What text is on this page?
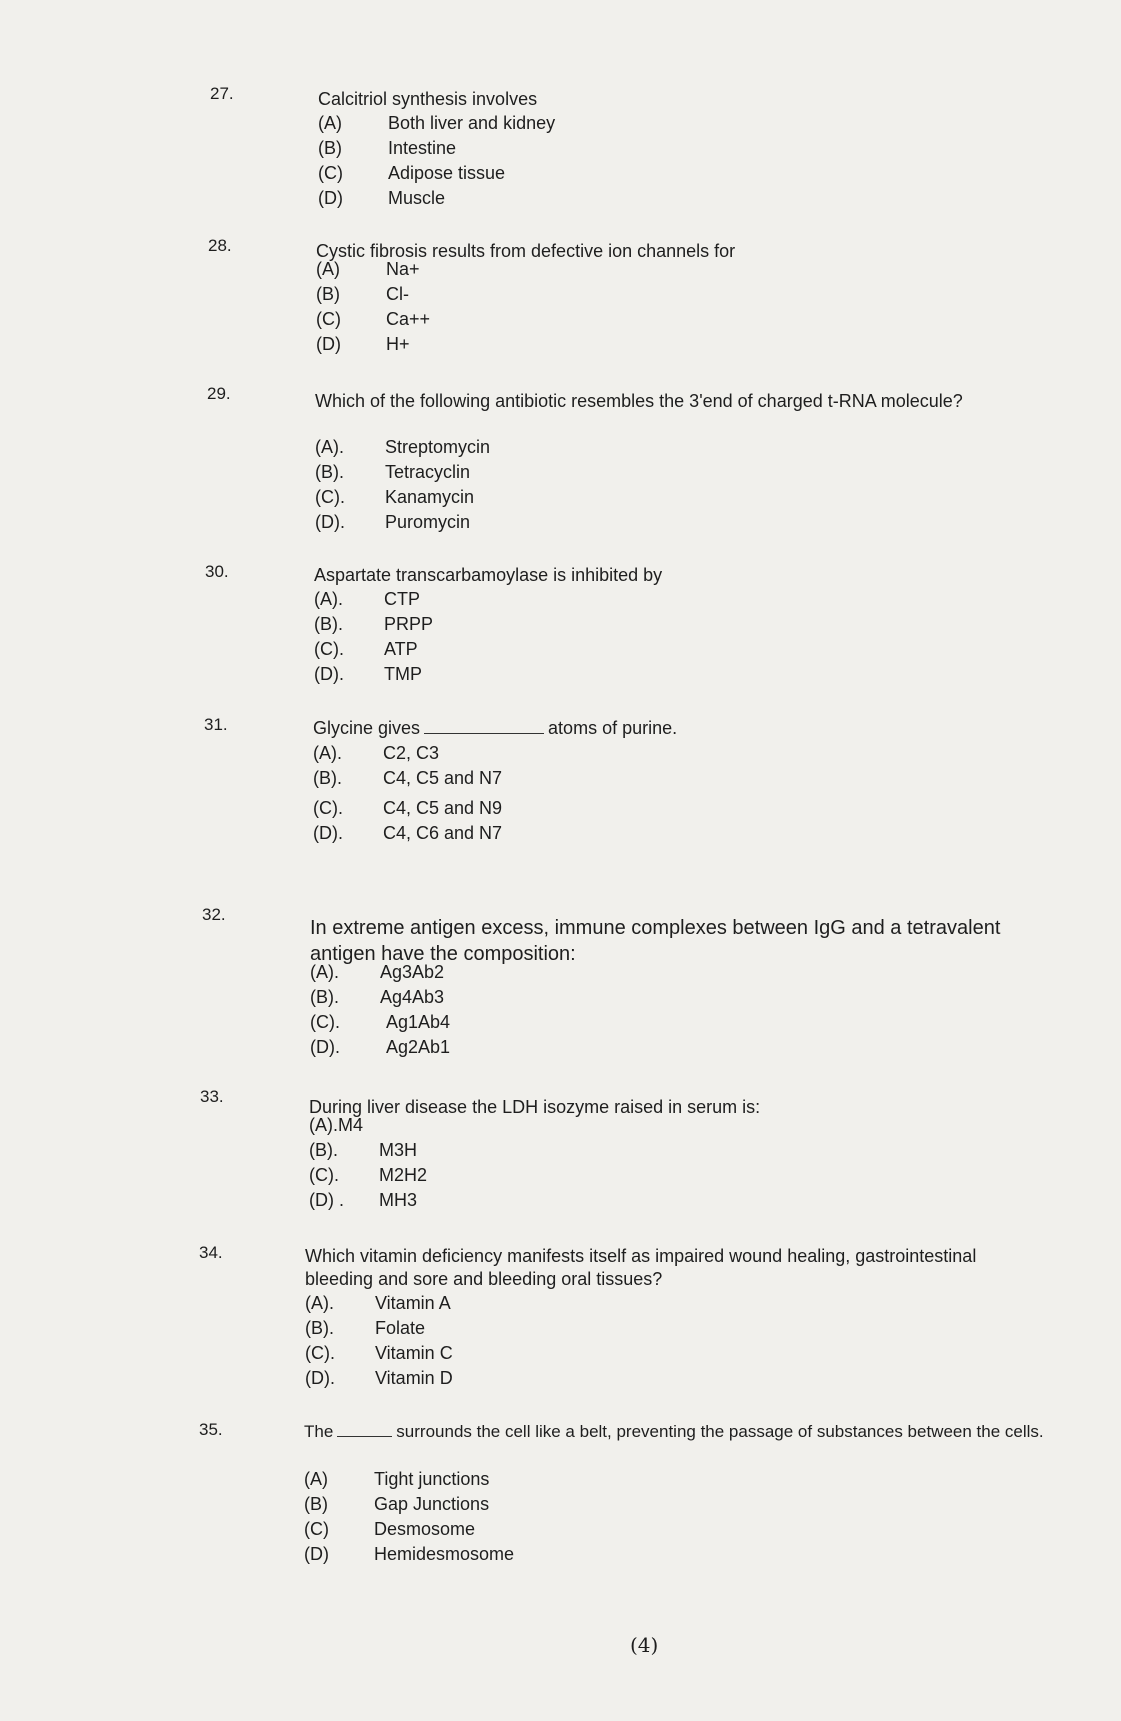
27.	Calcitriol synthesis involves
(A)	Both liver and kidney
(B)	Intestine
(C)	Adipose tissue
(D)	Muscle
28.	Cystic fibrosis results from defective ion channels for
(A)	Na+
(B)	Cl-
(C)	Ca++
(D)	H+
29.	Which of the following antibiotic resembles the 3'end of charged t-RNA molecule?
(A). Streptomycin
(B). Tetracyclin
(C). Kanamycin
(D). Puromycin
30.	Aspartate transcarbamoylase is inhibited by
(A). CTP
(B). PRPP
(C). ATP
(D). TMP
31.	Glycine gives	atoms of purine.
(A). C2, C3
(B). C4, C5 and N7
(C). C4, C5 and N9
(D). C4, C6 and N7
32.
In extreme antigen excess, immune complexes between IgG and a tetravalent antigen have the composition:
(A). Ag3Ab2
(B). Ag4Ab3
(C).	Ag1Ab4
(D).	Ag2Ab1
33.
During liver disease the LDH isozyme raised in serum is:
(A).M4
(B). M3H
(C). M2H2
(D) . MH3
34.	Which vitamin deficiency manifests itself as impaired wound healing, gastrointestinal bleeding and sore and bleeding oral tissues?
(A). Vitamin A
(B). Folate
(C). Vitamin C
(D). Vitamin D
35.	The	surrounds the cell like a belt, preventing the passage of substances between the cells.
(A)	Tight junctions
(B)	Gap Junctions
(C)	Desmosome
(D)	Hemidesmosome
(4)
